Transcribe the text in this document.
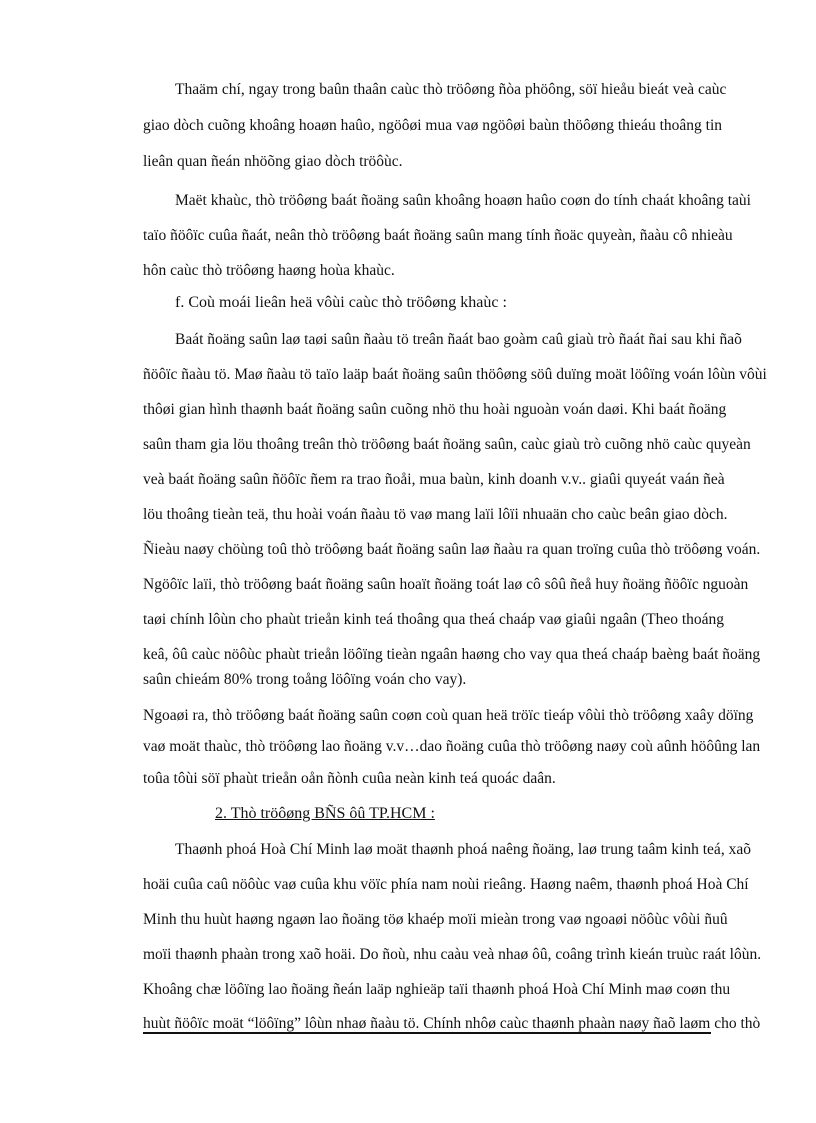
Thaäm chí, ngay trong baûn thaân caùc thò tröôøng ñòa phöông, söï hieåu bieát veà caùc
giao dòch cuõng khoâng hoaøn haûo, ngöôøi mua vaø ngöôøi baùn thöôøng thieáu thoâng tin
lieân quan ñeán nhöõng giao dòch tröôùc.
Maët khaùc, thò tröôøng baát ñoäng saûn khoâng hoaøn haûo coøn do tính chaát khoâng taùi
taïo ñöôïc cuûa ñaát, neân thò tröôøng baát ñoäng saûn mang tính ñoäc quyeàn, ñaàu cô nhieàu
hôn caùc thò tröôøng haøng hoùa khaùc.
f. Coù moái lieân heä vôùi caùc thò tröôøng khaùc :
Baát ñoäng saûn laø taøi saûn ñaàu tö treân ñaát bao goàm caû giaù trò ñaát ñai sau khi ñaõ
ñöôïc ñaàu tö. Maø ñaàu tö taïo laäp baát ñoäng saûn thöôøng söû duïng moät löôïng voán lôùn vôùi
thôøi gian hình thaønh baát ñoäng saûn cuõng nhö thu hoài nguoàn voán daøi. Khi baát ñoäng
saûn tham gia löu thoâng treân thò tröôøng baát ñoäng saûn, caùc giaù trò cuõng nhö caùc quyeàn
veà baát ñoäng saûn ñöôïc ñem ra trao ñoåi, mua baùn, kinh doanh v.v.. giaûi quyeát vaán ñeà
löu thoâng tieàn teä, thu hoài voán ñaàu tö vaø mang laïi lôïi nhuaän cho caùc beân giao dòch.
Ñieàu naøy chöùng toû thò tröôøng baát ñoäng saûn laø ñaàu ra quan troïng cuûa thò tröôøng voán.
Ngöôïc laïi, thò tröôøng baát ñoäng saûn hoaït ñoäng toát laø cô sôû ñeå huy ñoäng ñöôïc nguoàn
taøi chính lôùn cho phaùt trieån kinh teá thoâng qua theá chaáp vaø giaûi ngaân (Theo thoáng
keâ, ôû caùc nöôùc phaùt trieån löôïng tieàn ngaân haøng cho vay qua theá chaáp baèng baát ñoäng
saûn chieám 80% trong toång löôïng voán cho vay).
Ngoaøi ra, thò tröôøng baát ñoäng saûn coøn coù quan heä tröïc tieáp vôùi thò tröôøng xaây döïng
vaø moät thaùc, thò tröôøng lao ñoäng v.v…dao ñoäng cuûa thò tröôøng naøy coù aûnh höôûng lan
toûa tôùi söï phaùt trieån oån ñònh cuûa neàn kinh teá quoác daân.
2. Thò tröôøng BÑS ôû TP.HCM :
Thaønh phoá Hoà Chí Minh laø moät thaønh phoá naêng ñoäng, laø trung taâm kinh teá, xaõ
hoäi cuûa caû nöôùc vaø cuûa khu vöïc phía nam noùi rieâng. Haøng naêm, thaønh phoá Hoà Chí
Minh thu huùt haøng ngaøn lao ñoäng töø khaép moïi mieàn trong vaø ngoaøi nöôùc vôùi ñuû
moïi thaønh phaàn trong xaõ hoäi. Do ñoù, nhu caàu veà nhaø ôû, coâng trình kieán truùc raát lôùn.
Khoâng chæ löôïng lao ñoäng ñeán laäp nghieäp taïi thaønh phoá Hoà Chí Minh maø coøn thu
huùt ñöôïc moät “löôïng” lôùn nhaø ñaàu tö. Chính nhôø caùc thaønh phaàn naøy ñaõ laøm cho thò
